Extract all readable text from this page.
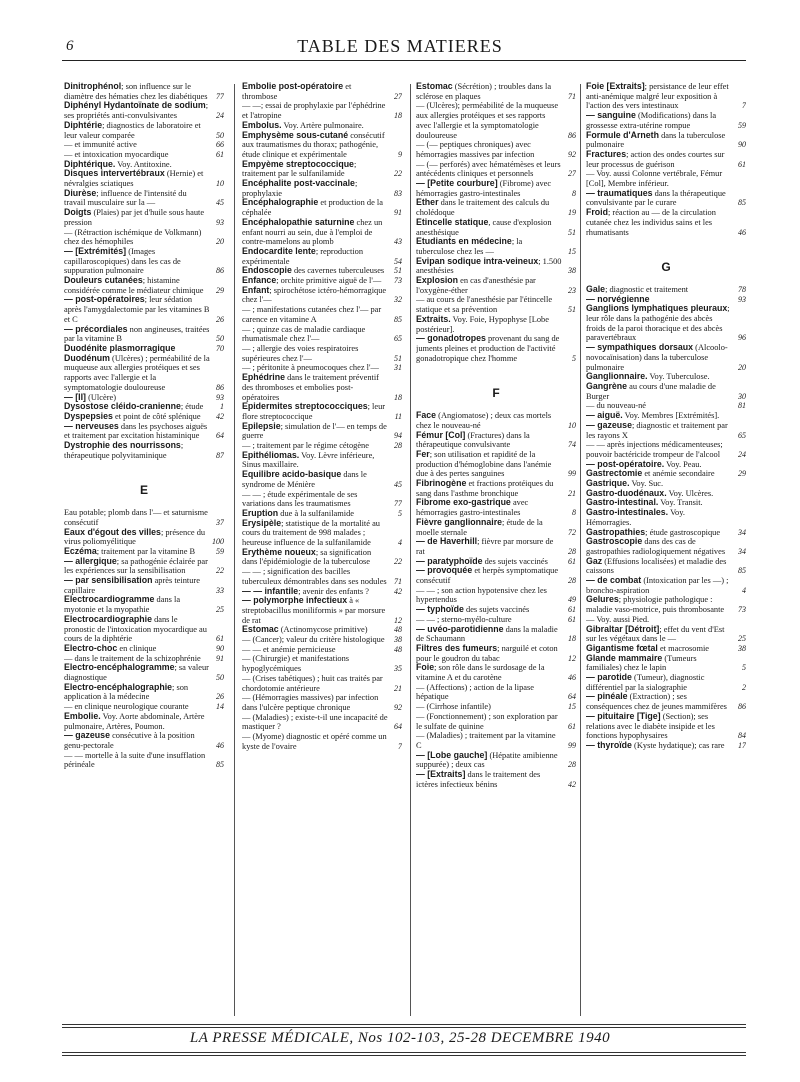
6	TABLE DES MATIERES
Dinitrophénol; son influence sur le diamètre des hématies chez les diabétiques 77
Diphényl Hydantoïnate de sodium; ses propriétés anti-convulsivantes	24
Diphtérie; diagnostics de laboratoire et leur valeur comparée	50
— et immunité active	66
— et intoxication myocardique	61
Diphtérique. Voy. Antitoxine.
Disques intervertébraux (Hernie) et névralgies sciatiques	10
Diurèse; influence de l'intensité du travail musculaire sur la —	45
Doigts (Plaies) par jet d'huile sous haute pression	93
— (Rétraction ischémique de Volkmann) chez des hémophiles	20
— [Extrémités] (Images capillaroscopiques) dans les cas de suppuration pulmonaire	86
Douleurs cutanées; histamine considérée comme le médiateur chimique 29
— post-opératoires; leur sédation après l'amygdalectomie par les vitamines B et C	26
— précordiales non angineuses, traitées par la vitamine B	50
Duodénite plasmorragique	70
Duodénum (Ulcères) ; perméabilité de la muqueuse aux allergies protéiques et ses rapports avec l'allergie et la symptomatologie douloureuse	86
— [II] (Ulcère)	93
Dysostose cléido-cranienne; étude 1
Dyspepsies et point de côté splénique 42
— nerveuses dans les psychoses aiguës et traitement par excitation histaminique 64
Dystrophie des nourrissons; thérapeutique polyvitaminique	87
E
Eau potable; plomb dans l'— et saturnisme consécutif	37
Eaux d'égout des villes; présence du virus poliomyélitique	100
Eczéma; traitement par la vitamine B	59
— allergique; sa pathogénie éclairée par les expériences sur la sensibilisation	22
— par sensibilisation après teinture capillaire	33
Electrocardiogramme dans la myotonie et la myopathie	25
Electrocardiographie dans le pronostic de l'intoxication myocardique au cours de la diphtérie	61
Electro-choc en clinique	90
— dans le traitement de la schizophrénie 91
Electro-encéphalogramme; sa valeur diagnostique	50
Electro-encéphalographie; son application à la médecine	26
— en clinique neurologique courante	14
Embolie. Voy. Aorte abdominale, Artère pulmonaire, Artères, Poumon.
— gazeuse consécutive à la position genu-pectorale	46
— — mortelle à la suite d'une insufflation périnéale	85
Embolie post-opératoire et thrombose	27
— —; essai de prophylaxie par l'éphédrine et l'atropine	18
Embolus. Voy. Artère pulmonaire.
Emphysème sous-cutané consécutif aux traumatismes du thorax; pathogénie, étude clinique et expérimentale	9
Empyème streptococcique; traitement par le sulfanilamide	22
Encéphalite post-vaccinale; prophylaxie	83
Encéphalographie et production de la céphalée	91
Encéphalopathie saturnine chez un enfant nourri au sein, due à l'emploi de contre-mamelons au plomb	43
Endocardite lente; reproduction expérimentale	54
Endoscopie des cavernes tuberculeuses 51
Enfance; orchite primitive aiguë de l'— 73
Enfant; spirochétose ictéro-hémorragique chez l'—	32
— ; manifestations cutanées chez l'— par carence en vitamine A	85
— ; quinze cas de maladie cardiaque rhumatismale chez l'—	65
— ; allergie des voies respiratoires supérieures chez l'—	51
— ; péritonite à pneumocoques chez l'— 31
Ephédrine dans le traitement préventif des thromboses et embolies post-opératoires	18
Epidermites streptococciques; leur flore streptococcique	11
Epilepsie; simulation de l'— en temps de guerre	94
— ; traitement par le régime cétogène	28
Epithéliomas. Voy. Lèvre inférieure, Sinus maxillaire.
Equilibre acido-basique dans le syndrome de Ménière	45
— — ; étude expérimentale de ses variations dans les traumatismes	77
Eruption due à la sulfanilamide	5
Erysipèle; statistique de la mortalité au cours du traitement de 998 malades ; heureuse influence de la sulfanilamide	4
Erythème noueux; sa signification dans l'épidémiologie de la tuberculose	22
— — ; signification des bacilles tuberculeux démontrables dans ses nodules 71
— — infantile; avenir des enfants ?	42
— polymorphe infectieux à « streptobacillus moniliformis » par morsure de rat	12
Estomac (Actinomycose primitive)	48
— (Cancer); valeur du critère histologique 38
— — et anémie pernicieuse	48
— (Chirurgie) et manifestations hypoglycémiques	35
— (Crises tabétiques) ; huit cas traités par chordotomie antérieure	21
— (Hémorragies massives) par infection dans l'ulcère peptique chronique	92
— (Maladies) ; existe-t-il une incapacité de mastiquer ?	64
— (Myome) diagnostic et opéré comme un kyste de l'ovaire	7
Estomac (Sécrétion) ; troubles dans la sclérose en plaques	71
— (Ulcères); perméabilité de la muqueuse aux allergies protéiques et ses rapports avec l'allergie et la symptomatologie douloureuse	86
— (— peptiques chroniques) avec hémorragies massives par infection	92
— (— perforés) avec hématémèses et leurs antécédents cliniques et personnels	27
— [Petite courbure] (Fibrome) avec hémorragies gastro-intestinales	8
Ether dans le traitement des calculs du cholédoque	19
Etincelle statique, cause d'explosion anesthésique	51
Etudiants en médecine; la tuberculose chez les —	15
Evipan sodique intra-veineux; 1.500 anesthésies	38
Explosion en cas d'anesthésie par l'oxygène-éther	23
— au cours de l'anesthésie par l'étincelle statique et sa prévention	51
Extraits. Voy. Foie, Hypophyse [Lobe postérieur].
— gonadotropes provenant du sang de juments pleines et production de l'activité gonadotropique chez l'homme	5
F
Face (Angiomatose) ; deux cas mortels chez le nouveau-né	10
Fémur [Col] (Fractures) dans la thérapeutique convulsivante	74
Fer; son utilisation et rapidité de la production d'hémoglobine dans l'anémie due à des pertes sanguines	99
Fibrinogène et fractions protéiques du sang dans l'asthme bronchique	21
Fibrome exo-gastrique avec hémorragies gastro-intestinales	8
Fièvre ganglionnaire; étude de la moelle sternale	72
— de Haverhill; fièvre par morsure de rat	28
— paratyphoïde des sujets vaccinés	61
— provoquée et herpès symptomatique consécutif	28
— — ; son action hypotensive chez les hypertendus	49
— typhoïde des sujets vaccinés	61
— — ; sterno-myélo-culture	61
— uvéo-parotidienne dans la maladie de Schaumann	18
Filtres des fumeurs; narguilé et coton pour le goudron du tabac	12
Foie; son rôle dans le surdosage de la vitamine A et du carotène	46
— (Affections) ; action de la lipase hépatique	64
— (Cirrhose infantile)	15
— (Fonctionnement) ; son exploration par le sulfate de quinine	61
— (Maladies) ; traitement par la vitamine C	99
— [Lobe gauche] (Hépatite amibienne suppurée) ; deux cas	28
— [Extraits] dans le traitement des ictères infectieux bénins	42
Foie [Extraits]; persistance de leur effet anti-anémique malgré leur exposition à l'action des vers intestinaux	7
— sanguine (Modifications) dans la grossesse extra-utérine rompue	59
Formule d'Arneth dans la tuberculose pulmonaire	90
Fractures; action des ondes courtes sur leur processus de guérison	61
— Voy. aussi Colonne vertébrale, Fémur [Col], Membre inférieur.
— traumatiques dans la thérapeutique convulsivante par le curare	85
Froid; réaction au — de la circulation cutanée chez les individus sains et les rhumatisants	46
G
Gale; diagnostic et traitement	78
— norvégienne	93
Ganglions lymphatiques pleuraux; leur rôle dans la pathogénie des abcès froids de la paroi thoracique et des abcès paravertébraux	96
— sympathiques dorsaux (Alcoolo-novocaïnisation) dans la tuberculose pulmonaire	20
Ganglionnaire. Voy. Tuberculose.
Gangrène au cours d'une maladie de Burger	30
— du nouveau-né	81
— aiguë. Voy. Membres [Extrémités].
— gazeuse; diagnostic et traitement par les rayons X	65
— — après injections médicamenteuses; pouvoir bactéricide trompeur de l'alcool 24
— post-opératoire. Voy. Peau.
Gastrectomie et anémie secondaire	29
Gastrique. Voy. Suc.
Gastro-duodénaux. Voy. Ulcères.
Gastro-intestinal. Voy. Transit.
Gastro-intestinales. Voy. Hémorragies.
Gastropathies; étude gastroscopique 34
Gastroscopie dans des cas de gastropathies radiologiquement négatives 34
Gaz (Effusions localisées) et maladie des caissons	85
— de combat (Intoxication par les —) ; broncho-aspiration	4
Gelures; physiologie pathologique : maladie vaso-motrice, puis thrombosante 73
— Voy. aussi Pied.
Gibraltar [Détroit]; effet du vent d'Est sur les végétaux dans le —	25
Gigantisme fœtal et macrosomie	38
Glande mammaire (Tumeurs familiales) chez le lapin	5
— parotide (Tumeur), diagnostic différentiel par la sialographie	2
— pinéale (Extraction) ; ses conséquences chez de jeunes mammifères 86
— pituitaire [Tige] (Section); ses relations avec le diabète insipide et les fonctions hypophysaires	84
— thyroïde (Kyste hydatique); cas rare 17
LA PRESSE MÉDICALE, Nos 102-103, 25-28 DECEMBRE 1940
